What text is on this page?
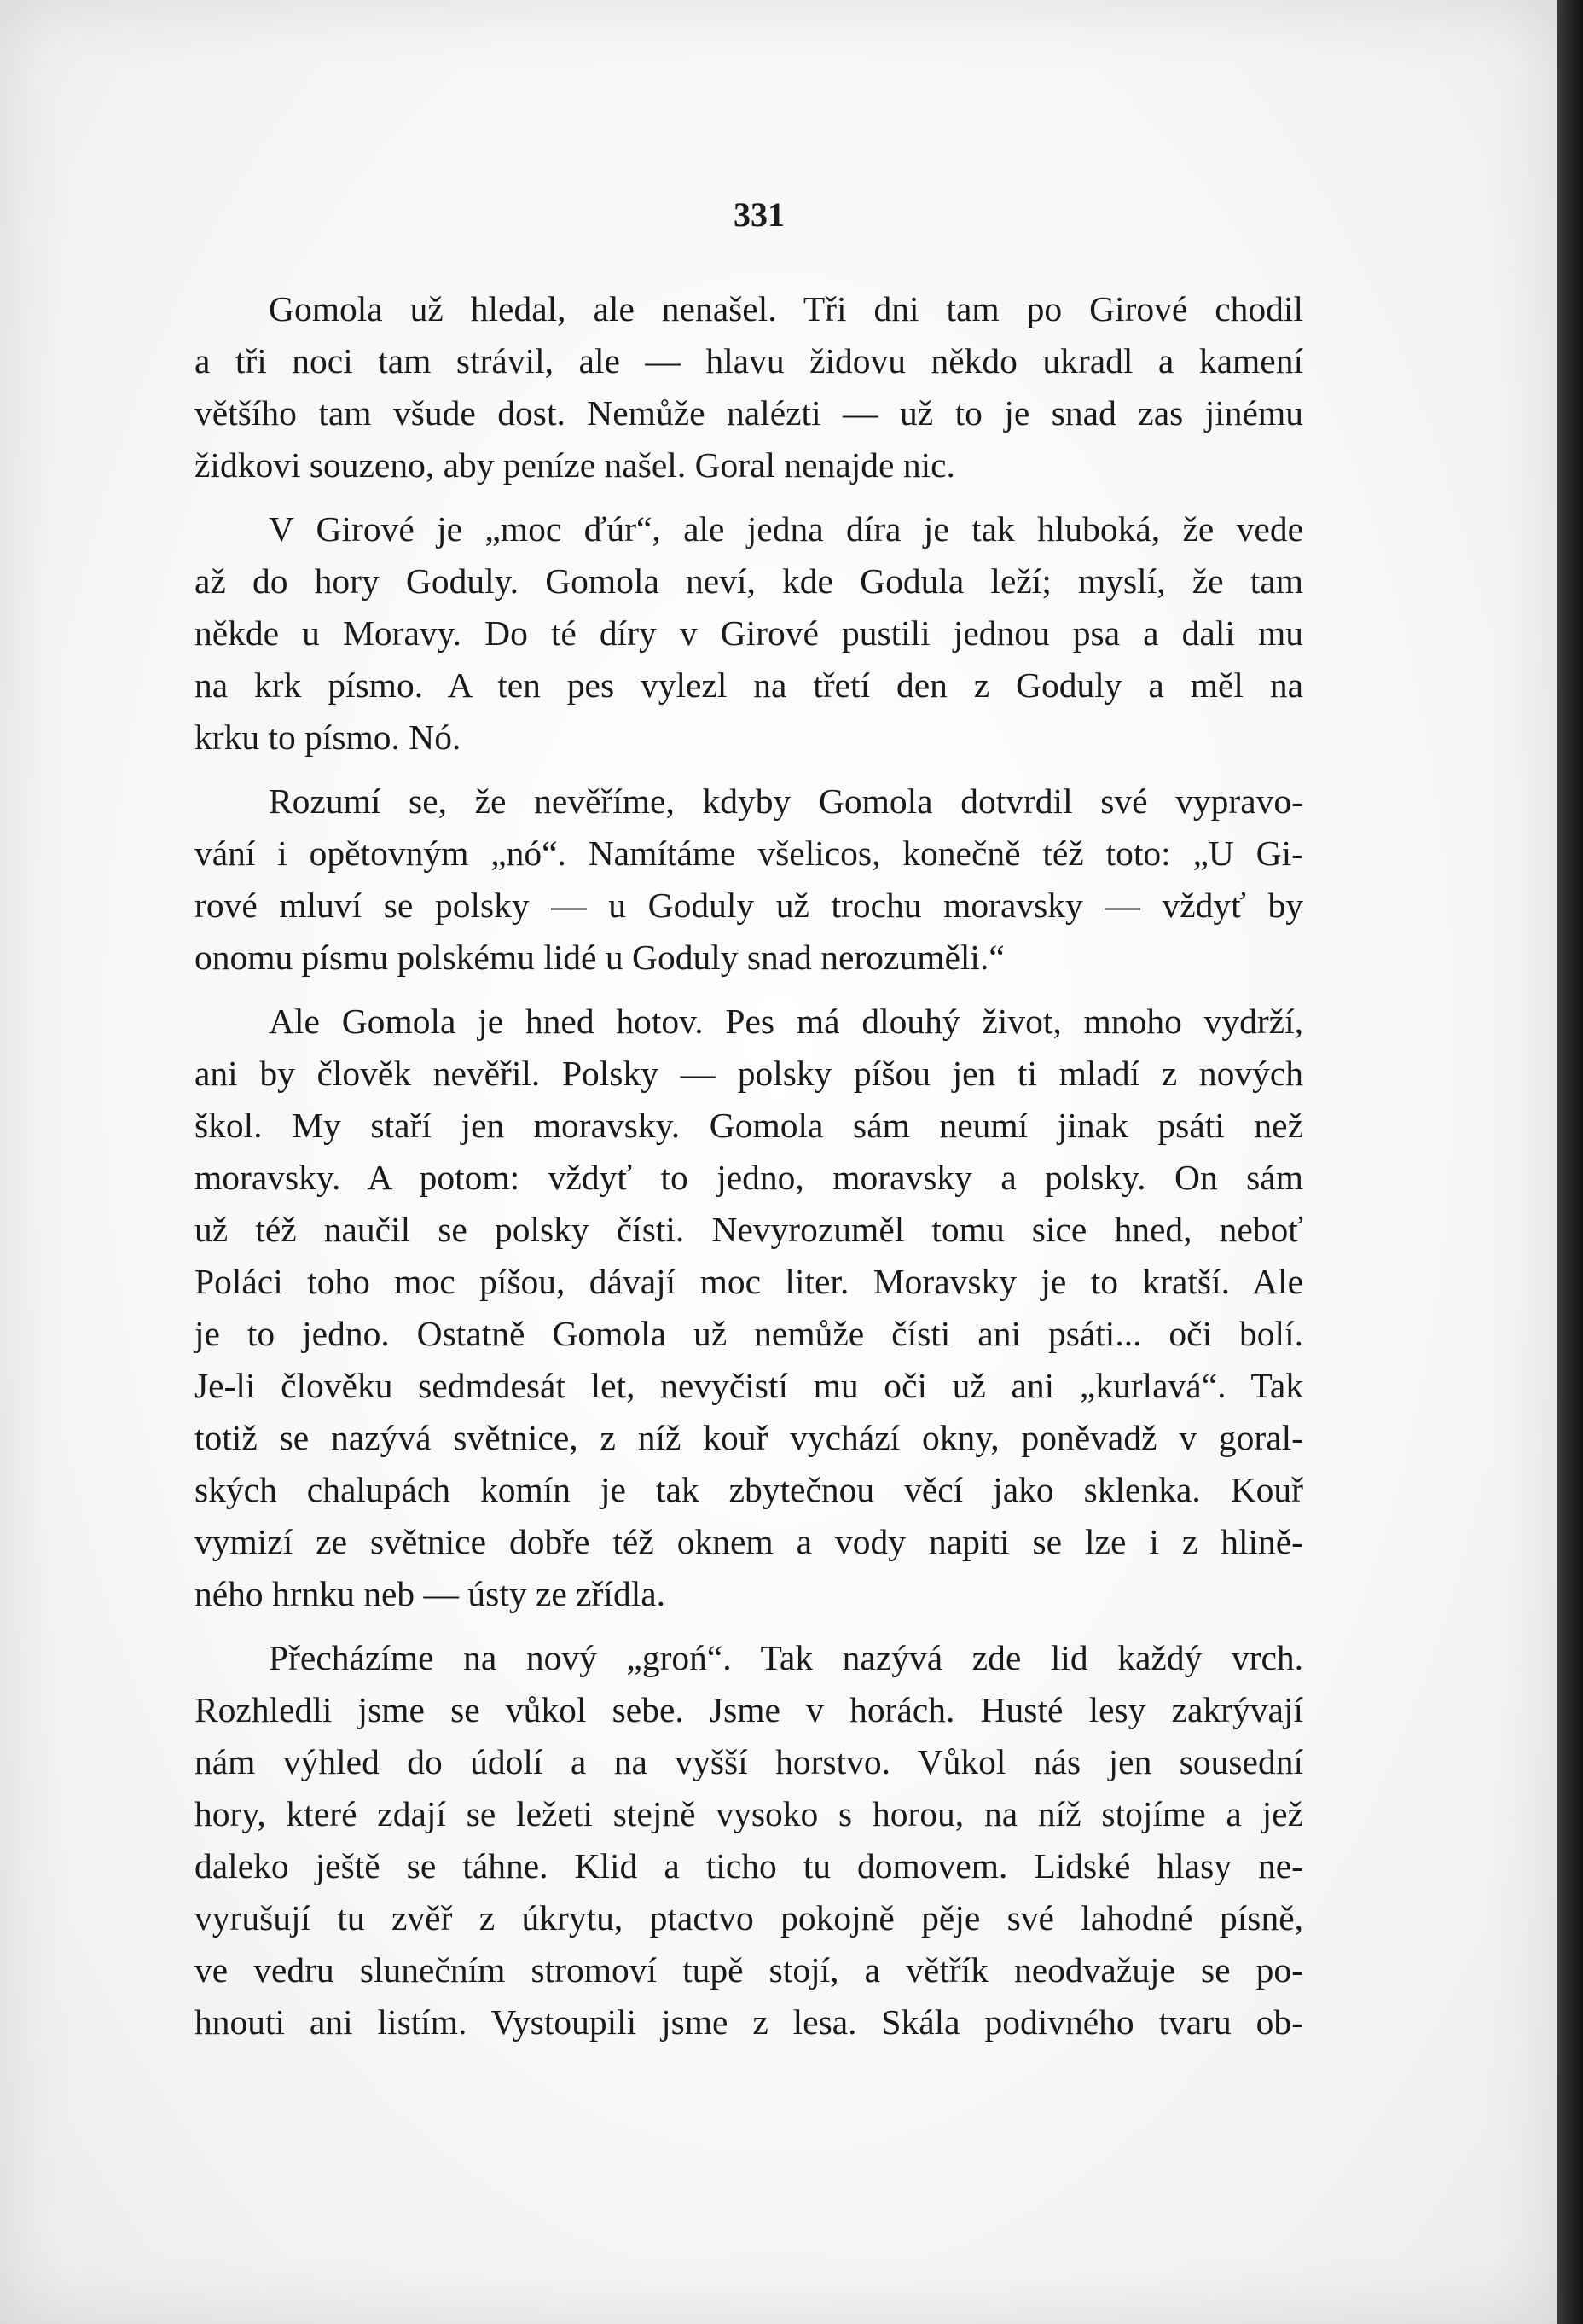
331
Gomola už hledal, ale nenašel. Tři dni tam po Girové chodil
a tři noci tam strávil, ale — hlavu židovu někdo ukradl a kamení
většího tam všude dost. Nemůže nalézti — už to je snad zas jinému
židkovi souzeno, aby peníze našel. Goral nenajde nic.
V Girové je „moc ďúr“, ale jedna díra je tak hluboká, že vede
až do hory Goduly. Gomola neví, kde Godula leží; myslí, že tam
někde u Moravy. Do té díry v Girové pustili jednou psa a dali mu
na krk písmo. A ten pes vylezl na třetí den z Goduly a měl na
krku to písmo. Nó.
Rozumí se, že nevěříme, kdyby Gomola dotvrdil své vypravo-
vání i opětovným „nó“. Namítáme všelicos, konečně též toto: „U Gi-
rové mluví se polsky — u Goduly už trochu moravsky — vždyť by
onomu písmu polskému lidé u Goduly snad nerozuměli.“
Ale Gomola je hned hotov. Pes má dlouhý život, mnoho vydrží,
ani by člověk nevěřil. Polsky — polsky píšou jen ti mladí z nových
škol. My staří jen moravsky. Gomola sám neumí jinak psáti než
moravsky. A potom: vždyť to jedno, moravsky a polsky. On sám
už též naučil se polsky čísti. Nevyrozuměl tomu sice hned, neboť
Poláci toho moc píšou, dávají moc liter. Moravsky je to kratší. Ale
je to jedno. Ostatně Gomola už nemůže čísti ani psáti... oči bolí.
Je-li člověku sedmdesát let, nevyčistí mu oči už ani „kurlavá“. Tak
totiž se nazývá světnice, z níž kouř vychází okny, poněvadž v goral-
ských chalupách komín je tak zbytečnou věcí jako sklenka. Kouř
vymizí ze světnice dobře též oknem a vody napiti se lze i z hlině-
ného hrnku neb — ústy ze zřídla.
Přecházíme na nový „groń“. Tak nazývá zde lid každý vrch.
Rozhledli jsme se vůkol sebe. Jsme v horách. Husté lesy zakrývají
nám výhled do údolí a na vyšší horstvo. Vůkol nás jen sousední
hory, které zdají se ležeti stejně vysoko s horou, na níž stojíme a jež
daleko ještě se táhne. Klid a ticho tu domovem. Lidské hlasy ne-
vyrušují tu zvěř z úkrytu, ptactvo pokojně pěje své lahodné písně,
ve vedru slunečním stromoví tupě stojí, a větřík neodvažuje se po-
hnouti ani listím. Vystoupili jsme z lesa. Skála podivného tvaru ob-
